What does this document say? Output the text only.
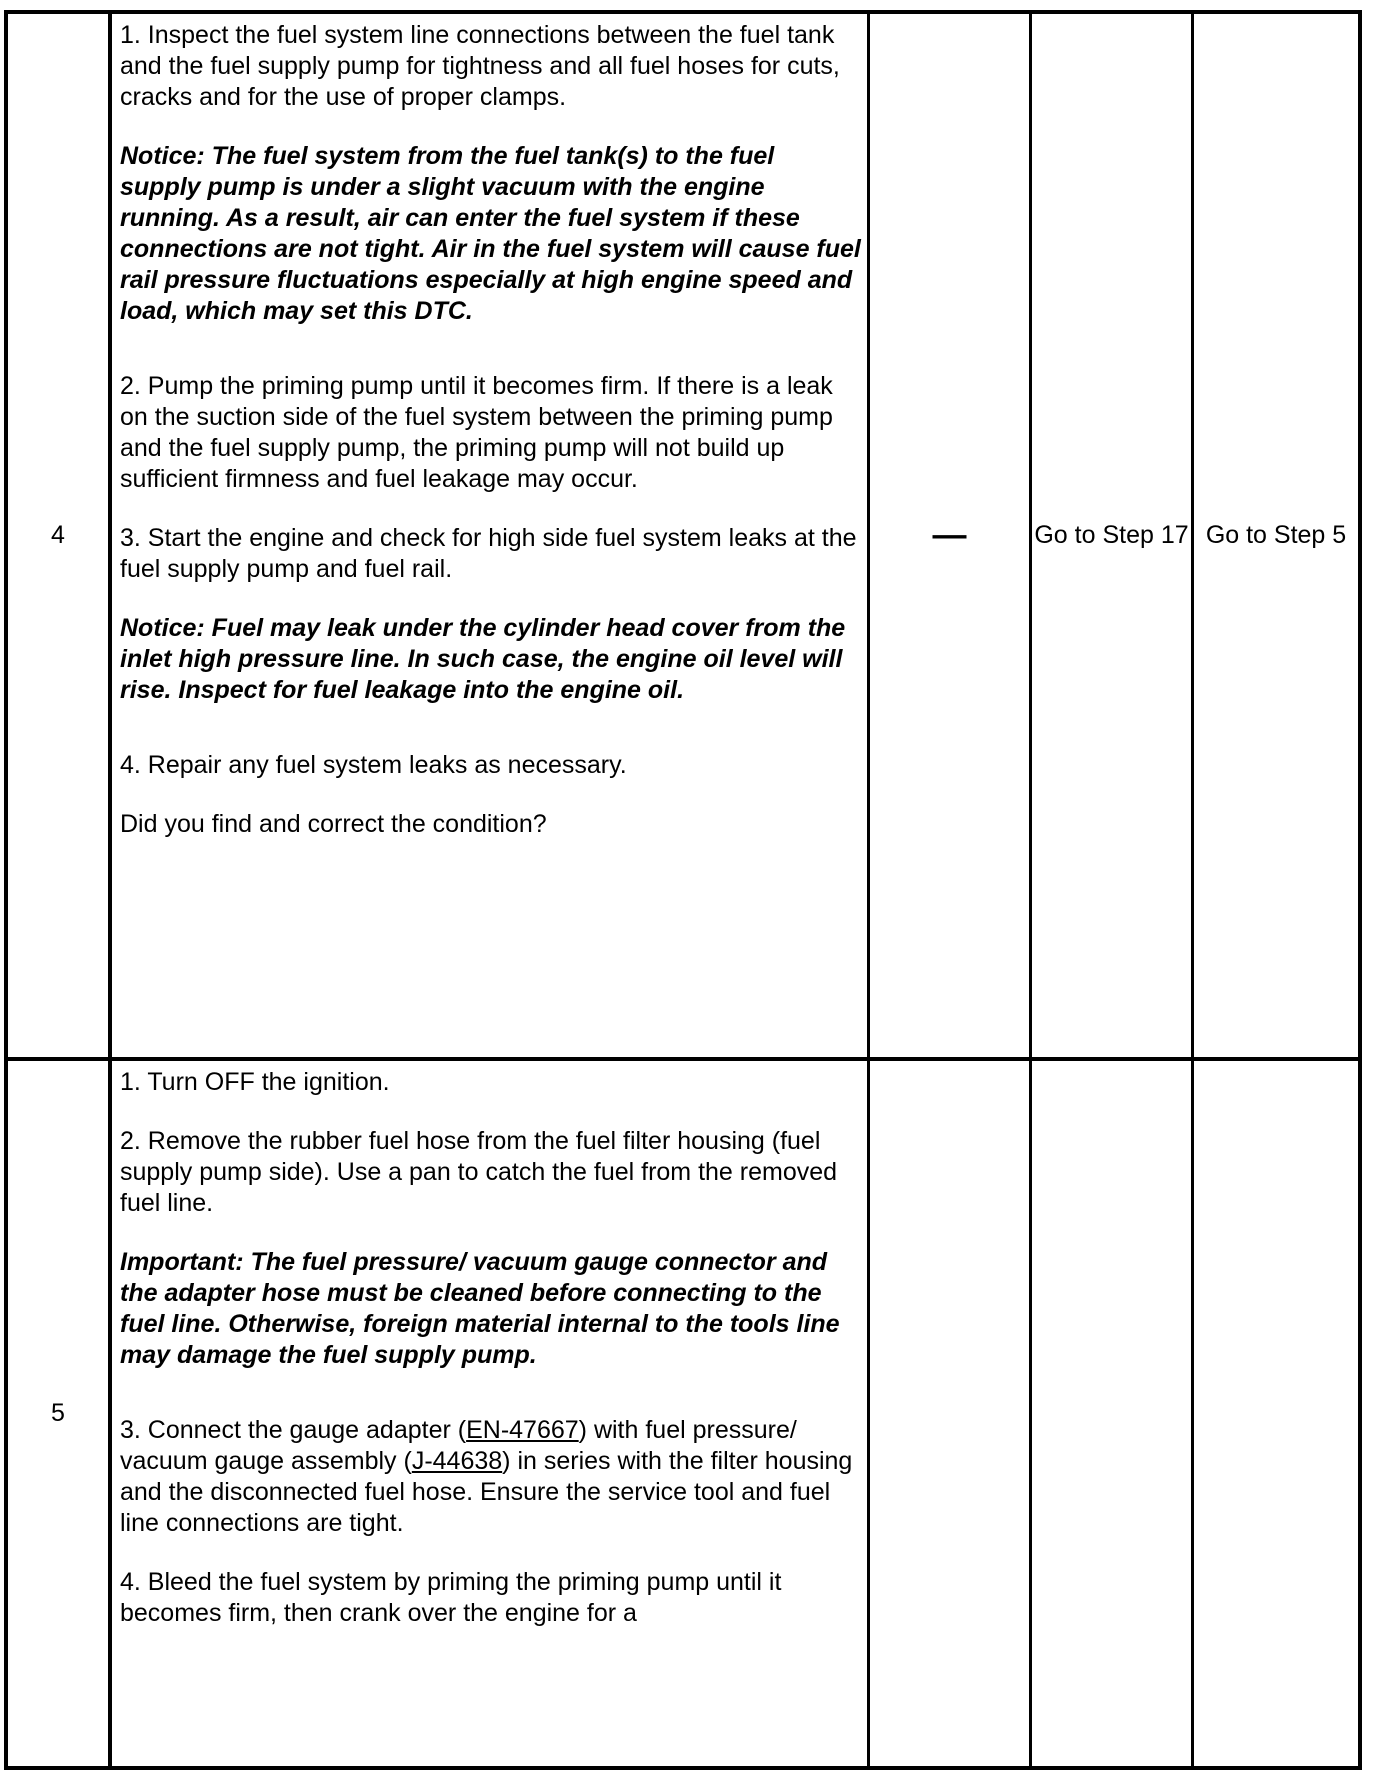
4

1. Inspect the fuel system line connections between the fuel tank and the fuel supply pump for tightness and all fuel hoses for cuts, cracks and for the use of proper clamps.

Notice: The fuel system from the fuel tank(s) to the fuel supply pump is under a slight vacuum with the engine running. As a result, air can enter the fuel system if these connections are not tight. Air in the fuel system will cause fuel rail pressure fluctuations especially at high engine speed and load, which may set this DTC.

2. Pump the priming pump until it becomes firm. If there is a leak on the suction side of the fuel system between the priming pump and the fuel supply pump, the priming pump will not build up sufficient firmness and fuel leakage may occur.

3. Start the engine and check for high side fuel system leaks at the fuel supply pump and fuel rail.

Notice: Fuel may leak under the cylinder head cover from the inlet high pressure line. In such case, the engine oil level will rise. Inspect for fuel leakage into the engine oil.

4. Repair any fuel system leaks as necessary.

Did you find and correct the condition?

—	Go to Step 17 Go to Step 5
5

1. Turn OFF the ignition.

2. Remove the rubber fuel hose from the fuel filter housing (fuel supply pump side). Use a pan to catch the fuel from the removed fuel line.

Important: The fuel pressure/ vacuum gauge connector and the adapter hose must be cleaned before connecting to the fuel line. Otherwise, foreign material internal to the tools line may damage the fuel supply pump.

3. Connect the gauge adapter (EN-47667) with fuel pressure/ vacuum gauge assembly (J-44638) in series with the filter housing and the disconnected fuel hose. Ensure the service tool and fuel line connections are tight.

4. Bleed the fuel system by priming the priming pump until it becomes firm, then crank over the engine for a
